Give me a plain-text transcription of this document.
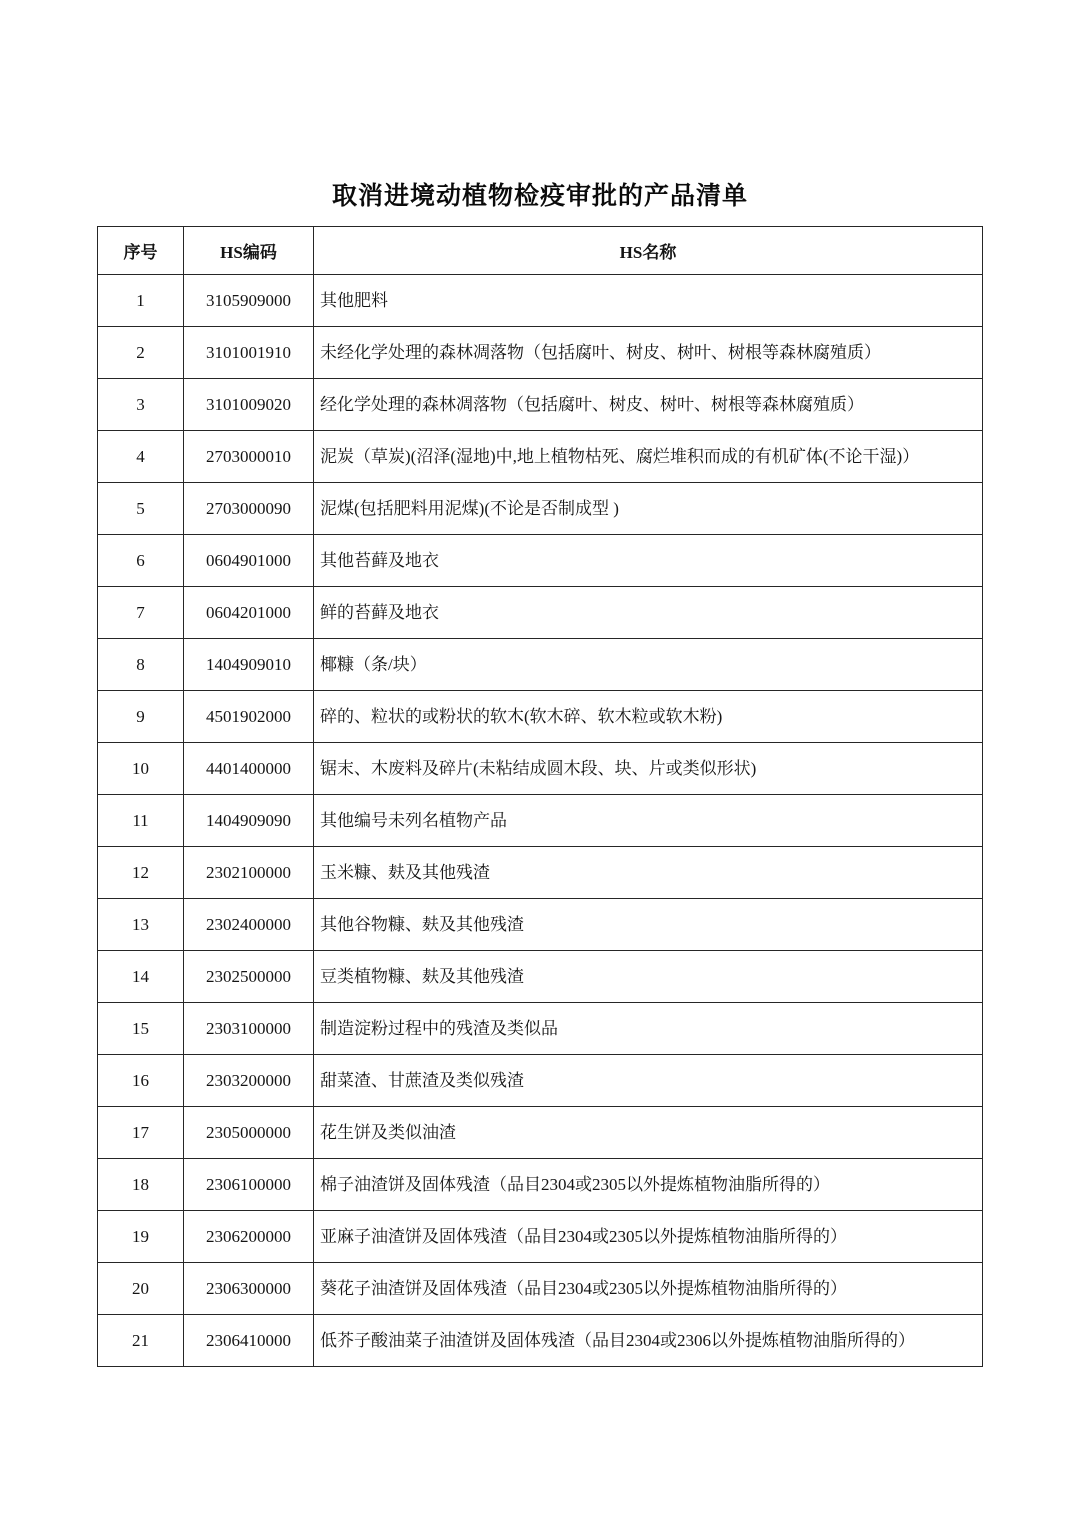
取消进境动植物检疫审批的产品清单
序号	HS编码	HS名称
1	3105909000	其他肥料
2	3101001910	未经化学处理的森林凋落物（包括腐叶、树皮、树叶、树根等森林腐殖质）
3	3101009020	经化学处理的森林凋落物（包括腐叶、树皮、树叶、树根等森林腐殖质）
4	2703000010	泥炭（草炭)(沼泽(湿地)中,地上植物枯死、腐烂堆积而成的有机矿体(不论干湿)）
5	2703000090	泥煤(包括肥料用泥煤)(不论是否制成型 )
6	0604901000	其他苔藓及地衣
7	0604201000	鲜的苔藓及地衣
8	1404909010	椰糠（条/块）
9	4501902000	碎的、粒状的或粉状的软木(软木碎、软木粒或软木粉)
10	4401400000	锯末、木废料及碎片(未粘结成圆木段、块、片或类似形状)
11	1404909090	其他编号未列名植物产品
12	2302100000	玉米糠、麸及其他残渣
13	2302400000	其他谷物糠、麸及其他残渣
14	2302500000	豆类植物糠、麸及其他残渣
15	2303100000	制造淀粉过程中的残渣及类似品
16	2303200000	甜菜渣、甘蔗渣及类似残渣
17	2305000000	花生饼及类似油渣
18	2306100000	棉子油渣饼及固体残渣（品目2304或2305以外提炼植物油脂所得的）
19	2306200000	亚麻子油渣饼及固体残渣（品目2304或2305以外提炼植物油脂所得的）
20	2306300000	葵花子油渣饼及固体残渣（品目2304或2305以外提炼植物油脂所得的）
21	2306410000	低芥子酸油菜子油渣饼及固体残渣（品目2304或2306以外提炼植物油脂所得的）
